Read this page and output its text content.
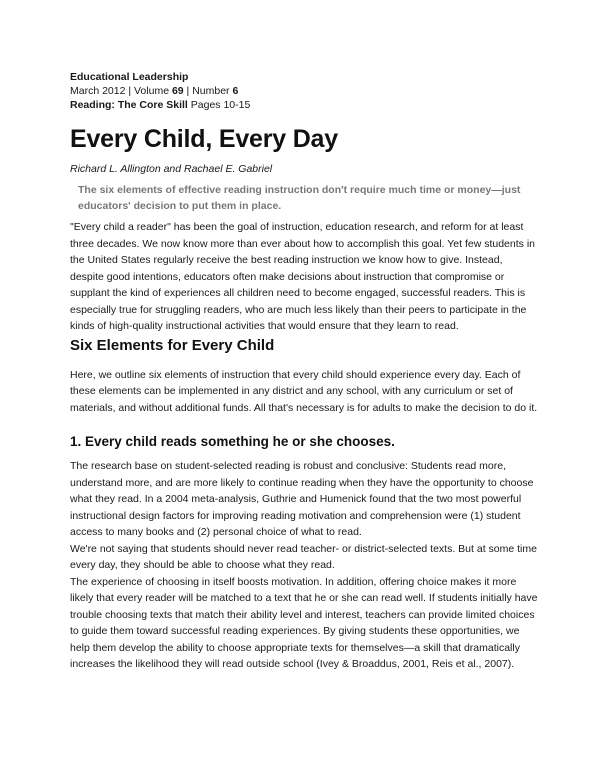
Educational Leadership
March 2012 | Volume 69 | Number 6
Reading: The Core Skill Pages 10-15
Every Child, Every Day
Richard L. Allington and Rachael E. Gabriel
The six elements of effective reading instruction don't require much time or money—just educators' decision to put them in place.

"Every child a reader" has been the goal of instruction, education research, and reform for at least three decades. We now know more than ever about how to accomplish this goal. Yet few students in the United States regularly receive the best reading instruction we know how to give. Instead, despite good intentions, educators often make decisions about instruction that compromise or supplant the kind of experiences all children need to become engaged, successful readers. This is especially true for struggling readers, who are much less likely than their peers to participate in the kinds of high-quality instructional activities that would ensure that they learn to read.

Six Elements for Every Child

Here, we outline six elements of instruction that every child should experience every day. Each of these elements can be implemented in any district and any school, with any curriculum or set of materials, and without additional funds. All that's necessary is for adults to make the decision to do it.

1. Every child reads something he or she chooses.

The research base on student-selected reading is robust and conclusive: Students read more, understand more, and are more likely to continue reading when they have the opportunity to choose what they read. In a 2004 meta-analysis, Guthrie and Humenick found that the two most powerful instructional design factors for improving reading motivation and comprehension were (1) student access to many books and (2) personal choice of what to read.

We're not saying that students should never read teacher- or district-selected texts. But at some time every day, they should be able to choose what they read.

The experience of choosing in itself boosts motivation. In addition, offering choice makes it more likely that every reader will be matched to a text that he or she can read well. If students initially have trouble choosing texts that match their ability level and interest, teachers can provide limited choices to guide them toward successful reading experiences. By giving students these opportunities, we help them develop the ability to choose appropriate texts for themselves—a skill that dramatically increases the likelihood they will read outside school (Ivey & Broaddus, 2001, Reis et al., 2007).
